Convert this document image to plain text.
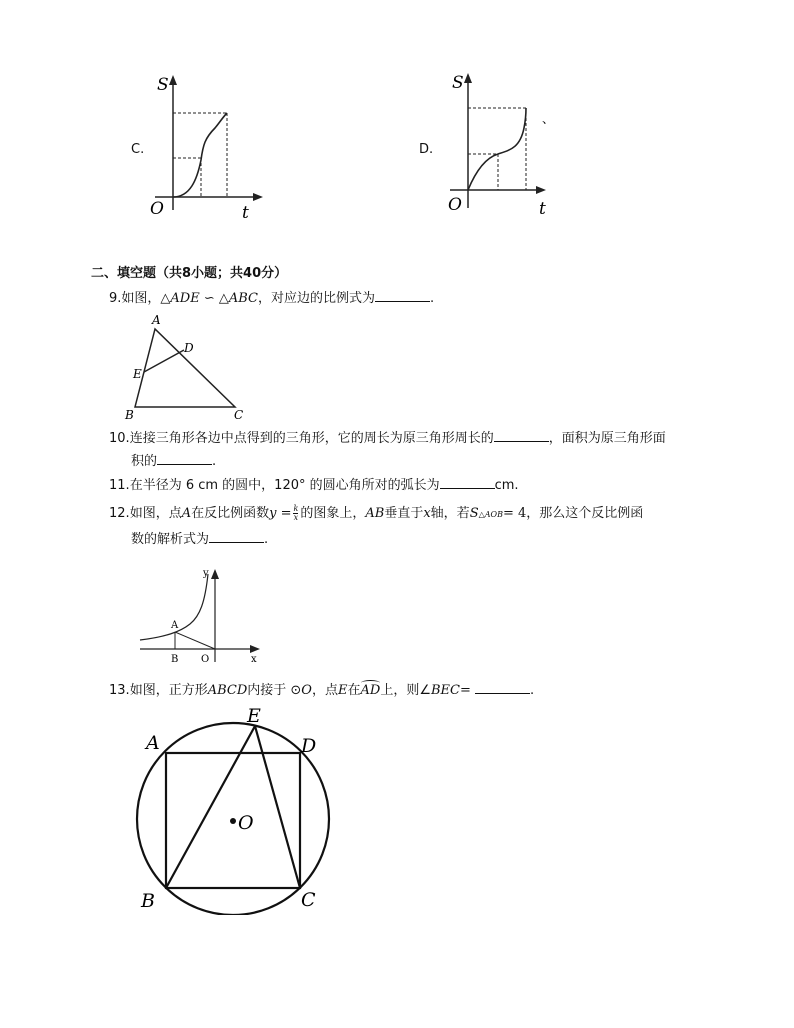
C.
S
O	t
D.
S
O	t
、
二、填空题（共8小题；共40分）
9.如图，△ADE ∽ △ABC，对应边的比例式为	.
A
D
E
B	C
10.连接三角形各边中点得到的三角形，它的周长为原三角形周长的	，面积为原三角形面
积的	.
11.在半径为 6 cm 的圆中，120° 的圆心角所对的弧长为	cm.
12.如图，点A在反比例函数$y = \frac{k}{x}$ 的图象上，AB垂直于x轴，若S△AOB= 4，那么这个反比例函
数的解析式为	.
y
A
B O	x
13.如图，正方形ABCD内接于 ⊙O，点E在
AD上，则∠BEC=	.
E
A	D
O
B	C
